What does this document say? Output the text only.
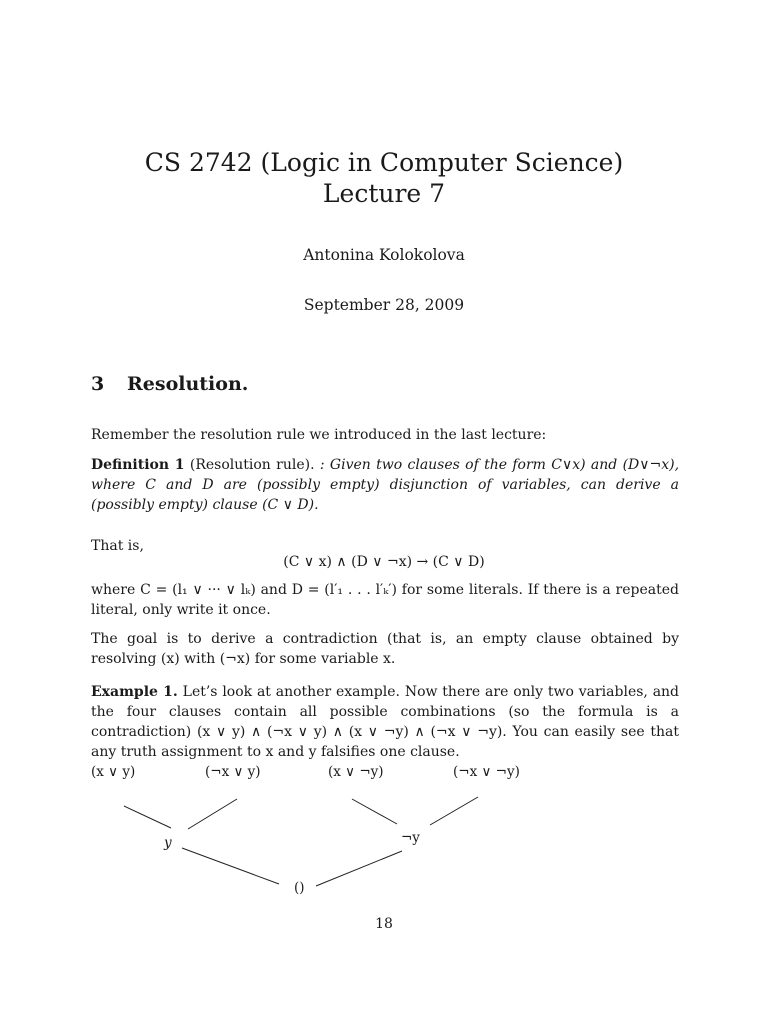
CS 2742 (Logic in Computer Science)
Lecture 7
Antonina Kolokolova
September 28, 2009
3 Resolution.
Remember the resolution rule we introduced in the last lecture:
Definition 1 (Resolution rule). : Given two clauses of the form C∨x) and (D∨¬x), where C and D are (possibly empty) disjunction of variables, can derive a (possibly empty) clause (C ∨ D).
That is,
(C ∨ x) ∧ (D ∨ ¬x) → (C ∨ D)
where C = (l₁ ∨ ··· ∨ lₖ) and D = (l′₁ . . . l′ₖ′) for some literals. If there is a repeated literal, only write it once.
The goal is to derive a contradiction (that is, an empty clause obtained by resolving (x) with (¬x) for some variable x.
Example 1. Let’s look at another example. Now there are only two variables, and the four clauses contain all possible combinations (so the formula is a contradiction) (x ∨ y) ∧ (¬x ∨ y) ∧ (x ∨ ¬y) ∧ (¬x ∨ ¬y). You can easily see that any truth assignment to x and y falsifies one clause.
(x ∨ y)	(¬x ∨ y)	(x ∨ ¬y)	(¬x ∨ ¬y)
y	¬y
()
18
